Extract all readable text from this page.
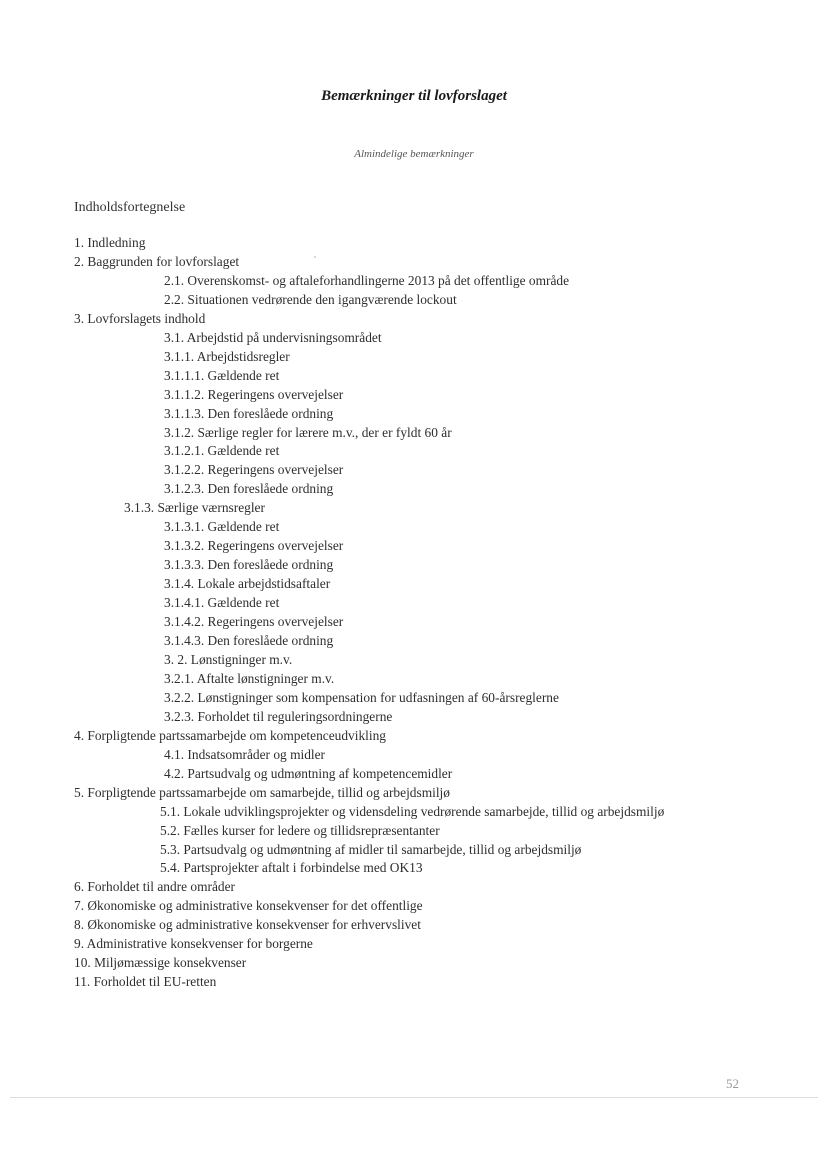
Bemærkninger til lovforslaget
Almindelige bemærkninger
Indholdsfortegnelse
1. Indledning
2. Baggrunden for lovforslaget
2.1. Overenskomst- og aftaleforhandlingerne 2013 på det offentlige område
2.2. Situationen vedrørende den igangværende lockout
3. Lovforslagets indhold
3.1. Arbejdstid på undervisningsområdet
3.1.1. Arbejdstidsregler
3.1.1.1. Gældende ret
3.1.1.2. Regeringens overvejelser
3.1.1.3. Den foreslåede ordning
3.1.2. Særlige regler for lærere m.v., der er fyldt 60 år
3.1.2.1. Gældende ret
3.1.2.2. Regeringens overvejelser
3.1.2.3. Den foreslåede ordning
3.1.3. Særlige værnsregler
3.1.3.1. Gældende ret
3.1.3.2. Regeringens overvejelser
3.1.3.3. Den foreslåede ordning
3.1.4. Lokale arbejdstidsaftaler
3.1.4.1. Gældende ret
3.1.4.2. Regeringens overvejelser
3.1.4.3. Den foreslåede ordning
3. 2. Lønstigninger m.v.
3.2.1. Aftalte lønstigninger m.v.
3.2.2. Lønstigninger som kompensation for udfasningen af 60-årsreglerne
3.2.3. Forholdet til reguleringsordningerne
4. Forpligtende partssamarbejde om kompetenceudvikling
4.1. Indsatsområder og midler
4.2. Partsudvalg og udmøntning af kompetencemidler
5. Forpligtende partssamarbejde om samarbejde, tillid og arbejdsmiljø
5.1. Lokale udviklingsprojekter og vidensdeling vedrørende samarbejde, tillid og arbejdsmiljø
5.2. Fælles kurser for ledere og tillidsrepræsentanter
5.3. Partsudvalg og udmøntning af midler til samarbejde, tillid og arbejdsmiljø
5.4. Partsprojekter aftalt i forbindelse med OK13
6. Forholdet til andre områder
7. Økonomiske og administrative konsekvenser for det offentlige
8. Økonomiske og administrative konsekvenser for erhvervslivet
9. Administrative konsekvenser for borgerne
10. Miljømæssige konsekvenser
11. Forholdet til EU-retten
52
